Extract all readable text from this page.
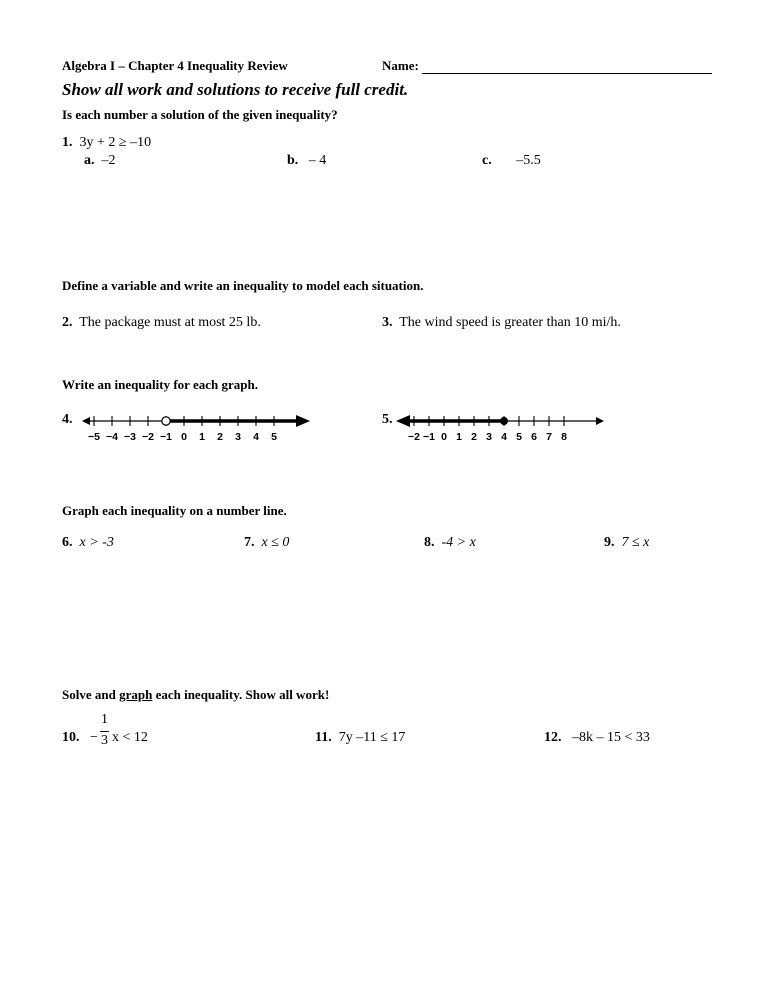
Algebra I – Chapter 4 Inequality Review	Name:
Show all work and solutions to receive full credit.
Is each number a solution of the given inequality?
1. 3y + 2 ≥ –10
a. –2	b. – 4	c. –5.5
Define a variable and write an inequality to model each situation.
2. The package must at most 25 lb.	3. The wind speed is greater than 10 mi/h.
Write an inequality for each graph.
4.
−5 −4 −3 −2 −1 0 1 2 3 4 5
5.
−2 −1 0 1 2 3 4 5 6 7 8
Graph each inequality on a number line.
6. x > -3	7. x ≤ 0	8. -4 > x	9. 7 ≤ x
Solve and graph each inequality. Show all work!
10. −
1
3 x < 12	11. 7y –11 ≤ 17	12. –8k – 15 < 33
